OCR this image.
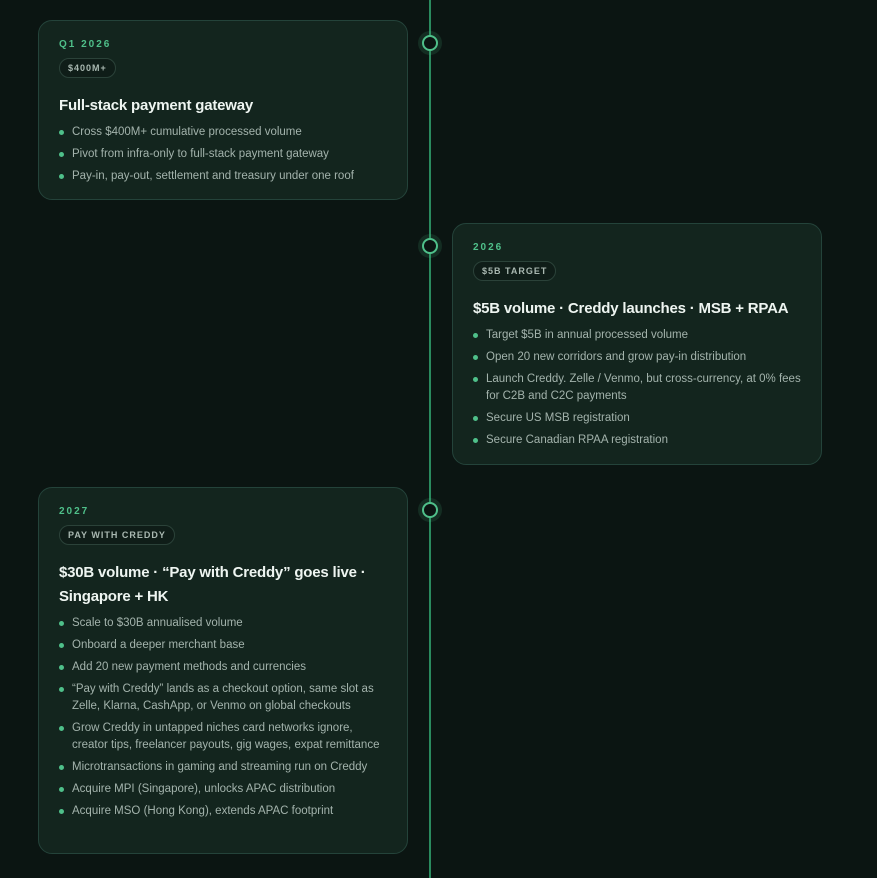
Q1 2026
$400M+
Full-stack payment gateway
Cross $400M+ cumulative processed volume
Pivot from infra-only to full-stack payment gateway
Pay-in, pay-out, settlement and treasury under one roof
2026
$5B TARGET
$5B volume · Creddy launches · MSB + RPAA
Target $5B in annual processed volume
Open 20 new corridors and grow pay-in distribution
Launch Creddy. Zelle / Venmo, but cross-currency, at 0% fees for C2B and C2C payments
Secure US MSB registration
Secure Canadian RPAA registration
2027
PAY WITH CREDDY
$30B volume · “Pay with Creddy” goes live · Singapore + HK
Scale to $30B annualised volume
Onboard a deeper merchant base
Add 20 new payment methods and currencies
“Pay with Creddy” lands as a checkout option, same slot as Zelle, Klarna, CashApp, or Venmo on global checkouts
Grow Creddy in untapped niches card networks ignore, creator tips, freelancer payouts, gig wages, expat remittance
Microtransactions in gaming and streaming run on Creddy
Acquire MPI (Singapore), unlocks APAC distribution
Acquire MSO (Hong Kong), extends APAC footprint
